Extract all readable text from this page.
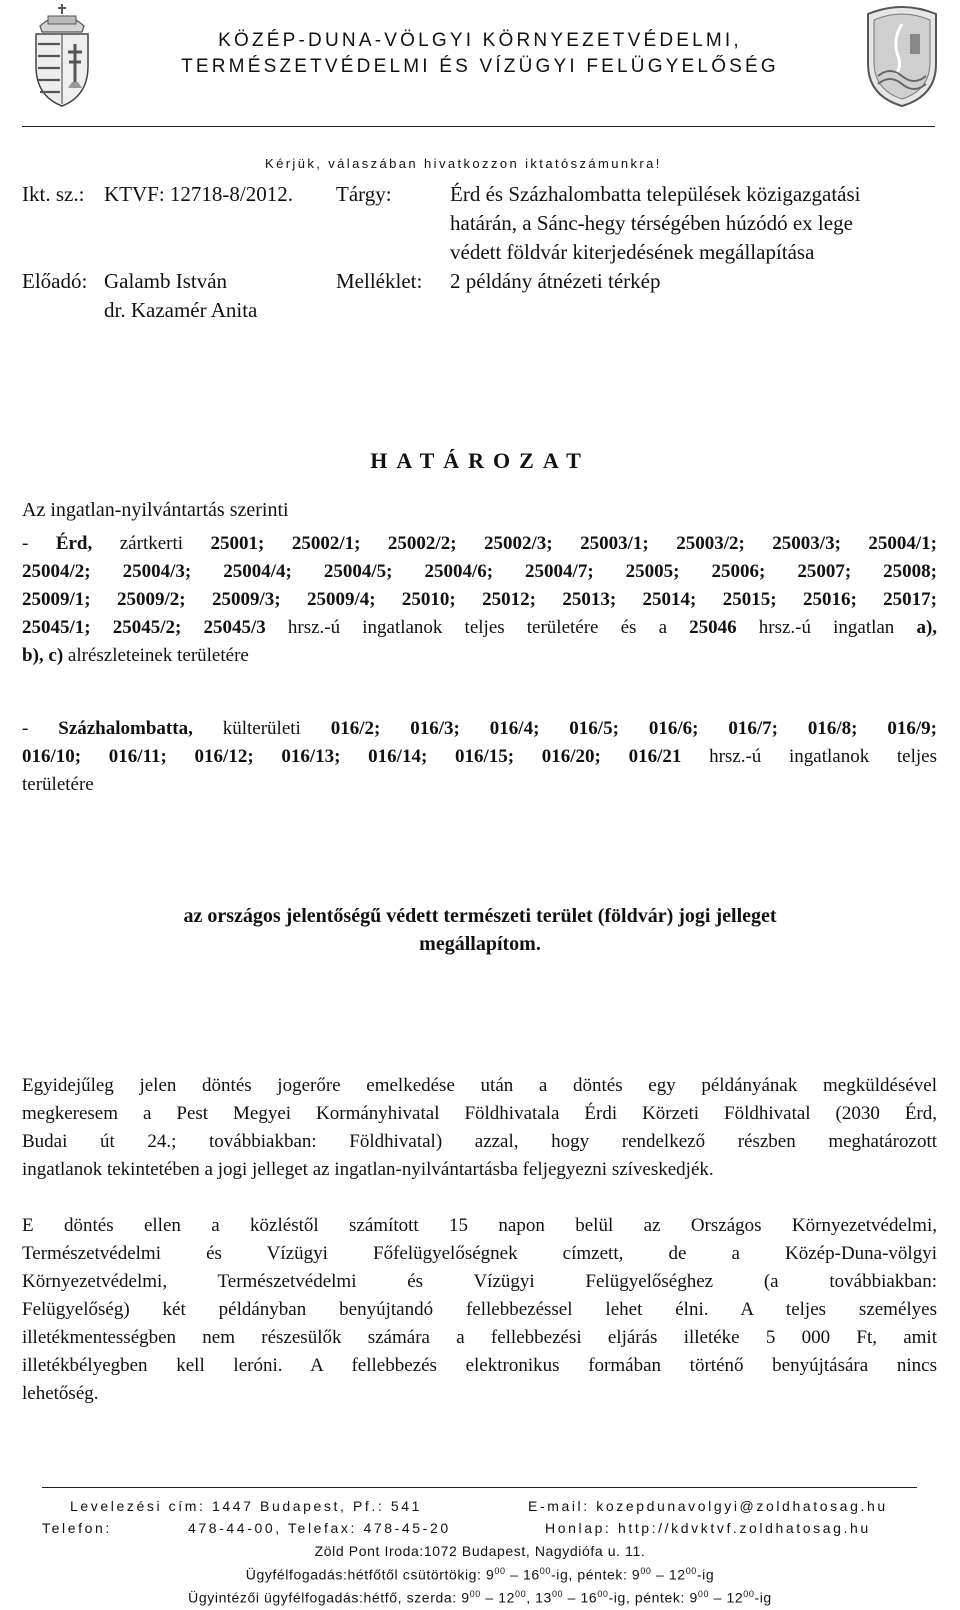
KÖZÉP-DUNA-VÖLGYI KÖRNYEZETVÉDELMI,
TERMÉSZETVÉDELMI ÉS VÍZÜGYI FELÜGYELŐSÉG
Kérjük, válaszában hivatkozzon iktatószámunkra!
Ikt. sz.: KTVF: 12718-8/2012. Tárgy:	Érd és Százhalombatta települések közigazgatási
határán, a Sánc-hegy térségében húzódó ex lege
védett földvár kiterjedésének megállapítása
Előadó: Galamb István
dr. Kazamér Anita
Melléklet: 2 példány átnézeti térkép
HATÁROZAT
Az ingatlan-nyilvántartás szerinti
- Érd, zártkerti 25001; 25002/1; 25002/2; 25002/3; 25003/1; 25003/2; 25003/3; 25004/1;
25004/2; 25004/3; 25004/4; 25004/5; 25004/6; 25004/7; 25005; 25006; 25007; 25008;
25009/1; 25009/2; 25009/3; 25009/4; 25010; 25012; 25013; 25014; 25015; 25016; 25017;
25045/1; 25045/2; 25045/3 hrsz.-ú ingatlanok teljes területére és a 25046 hrsz.-ú ingatlan a),
b), c) alrészleteinek területére
- Százhalombatta, külterületi 016/2; 016/3; 016/4; 016/5; 016/6; 016/7; 016/8; 016/9;
016/10; 016/11; 016/12; 016/13; 016/14; 016/15; 016/20; 016/21 hrsz.-ú ingatlanok teljes
területére
az országos jelentőségű védett természeti terület (földvár) jogi jelleget
megállapítom.
Egyidejűleg jelen döntés jogerőre emelkedése után a döntés egy példányának megküldésével
megkeresem a Pest Megyei Kormányhivatal Földhivatala Érdi Körzeti Földhivatal (2030 Érd,
Budai út 24.; továbbiakban: Földhivatal) azzal, hogy rendelkező részben meghatározott
ingatlanok tekintetében a jogi jelleget az ingatlan-nyilvántartásba feljegyezni szíveskedjék.
E döntés ellen a közléstől számított 15 napon belül az Országos Környezetvédelmi,
Természetvédelmi és Vízügyi Főfelügyelőségnek címzett, de a Közép-Duna-völgyi
Környezetvédelmi, Természetvédelmi és Vízügyi Felügyelőséghez (a továbbiakban:
Felügyelőség) két példányban benyújtandó fellebbezéssel lehet élni. A teljes személyes
illetékmentességben nem részesülők számára a fellebbezési eljárás illetéke 5 000 Ft, amit
illetékbélyegben kell leróni. A fellebbezés elektronikus formában történő benyújtására nincs
lehetőség.
Levelezési cím: 1447 Budapest, Pf.: 541	E-mail: kozepdunavolgyi@zoldhatosag.hu
Telefon:	478-44-00, Telefax: 478-45-20	Honlap: http://kdvktvf.zoldhatosag.hu
Zöld Pont Iroda:1072 Budapest, Nagydiófa u. 11.
Ügyfélfogadás:hétfőtől csütörtökig: $9^{00} - 16^{00}-ig$, péntek: $9^{00} - 12^{00}-ig$
Ügyintézői ügyfélfogadás:hétfő, szerda: $9^{00} - 12^{00}$, $13^{00} - 16^{00}-ig$, péntek: $9^{00} - 12^{00}-ig$
